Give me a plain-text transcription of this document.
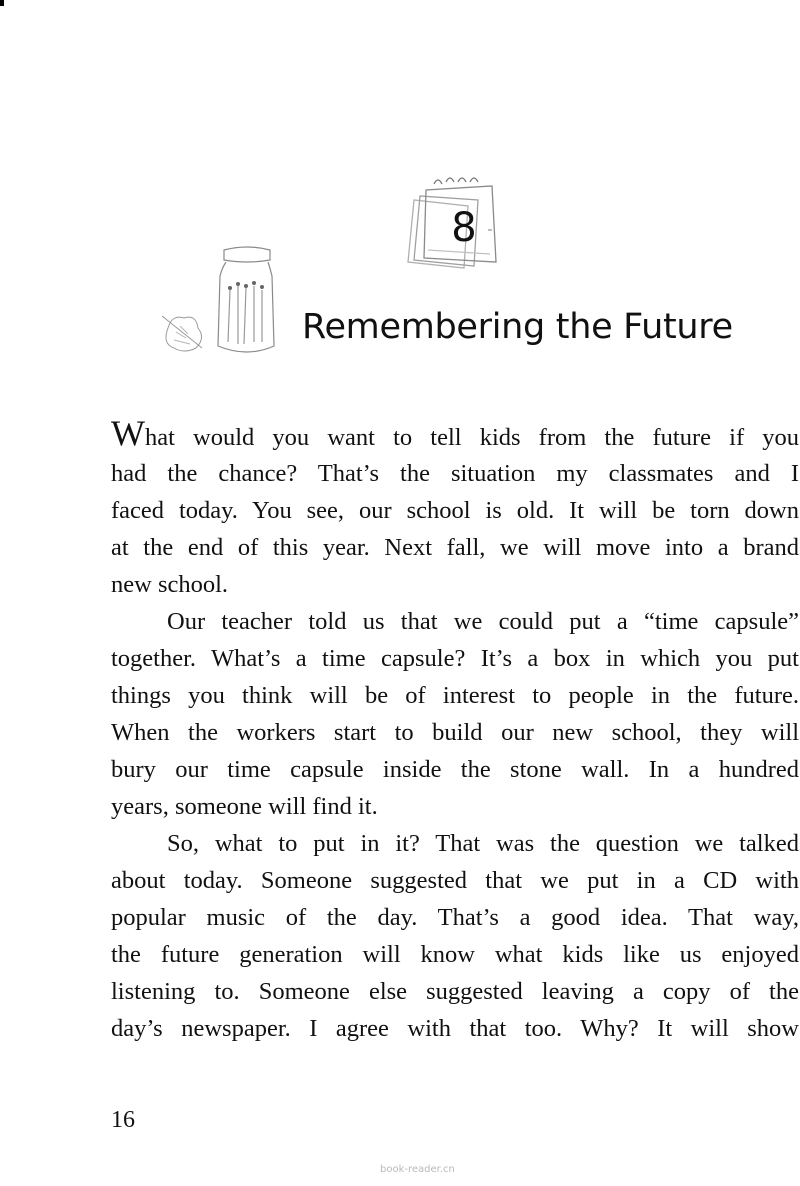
8
Remembering the Future
What would you want to tell kids from the future if you
had the chance? That’s the situation my classmates and I
faced today. You see, our school is old. It will be torn down
at the end of this year. Next fall, we will move into a brand
new school.
Our teacher told us that we could put a “time capsule”
together. What’s a time capsule? It’s a box in which you put
things you think will be of interest to people in the future.
When the workers start to build our new school, they will
bury our time capsule inside the stone wall. In a hundred
years, someone will find it.
So, what to put in it? That was the question we talked
about today. Someone suggested that we put in a CD with
popular music of the day. That’s a good idea. That way,
the future generation will know what kids like us enjoyed
listening to. Someone else suggested leaving a copy of the
day’s newspaper. I agree with that too. Why? It will show
16
book-reader.cn
